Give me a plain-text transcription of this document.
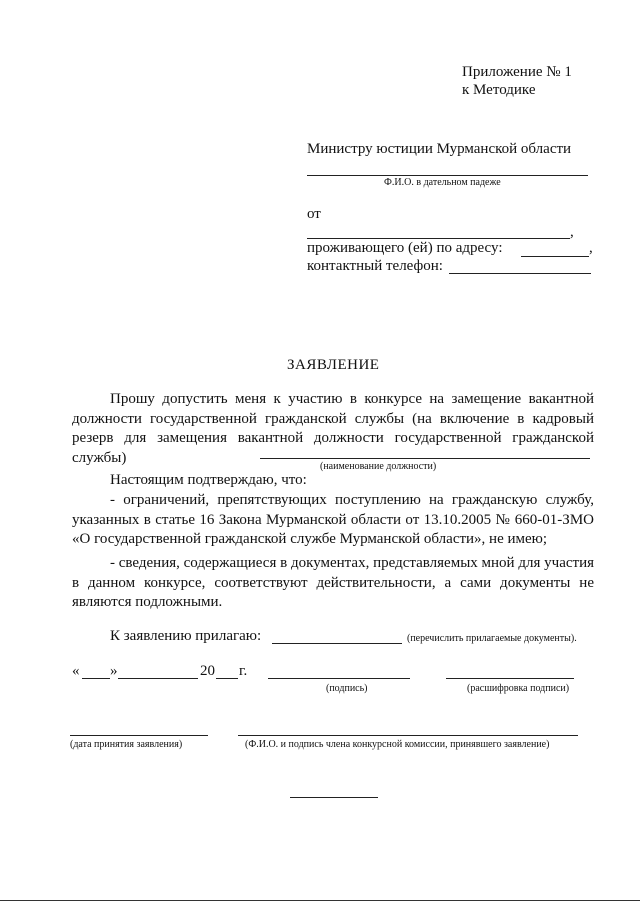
Приложение № 1
к Методике
Министру юстиции Мурманской области
Ф.И.О. в дательном падеже
от
,
проживающего (ей) по адресу:	,
контактный телефон:
ЗАЯВЛЕНИЕ
Прошу допустить меня к участию в конкурсе на замещение вакантной должности государственной гражданской службы (на включение в кадровый резерв для замещения вакантной должности государственной гражданской службы)
(наименование должности)
Настоящим подтверждаю, что:
- ограничений, препятствующих поступлению на гражданскую службу, указанных в статье 16 Закона Мурманской области от 13.10.2005 № 660-01-ЗМО «О государственной гражданской службе Мурманской области», не имею;
- сведения, содержащиеся в документах, представляемых мной для участия в данном конкурсе, соответствуют действительности, а сами документы не являются подложными.
К заявлению прилагаю:	(перечислить прилагаемые документы).
« »	20 г.
(подпись)	(расшифровка подписи)
(дата принятия заявления)	(Ф.И.О. и подпись члена конкурсной комиссии, принявшего заявление)
